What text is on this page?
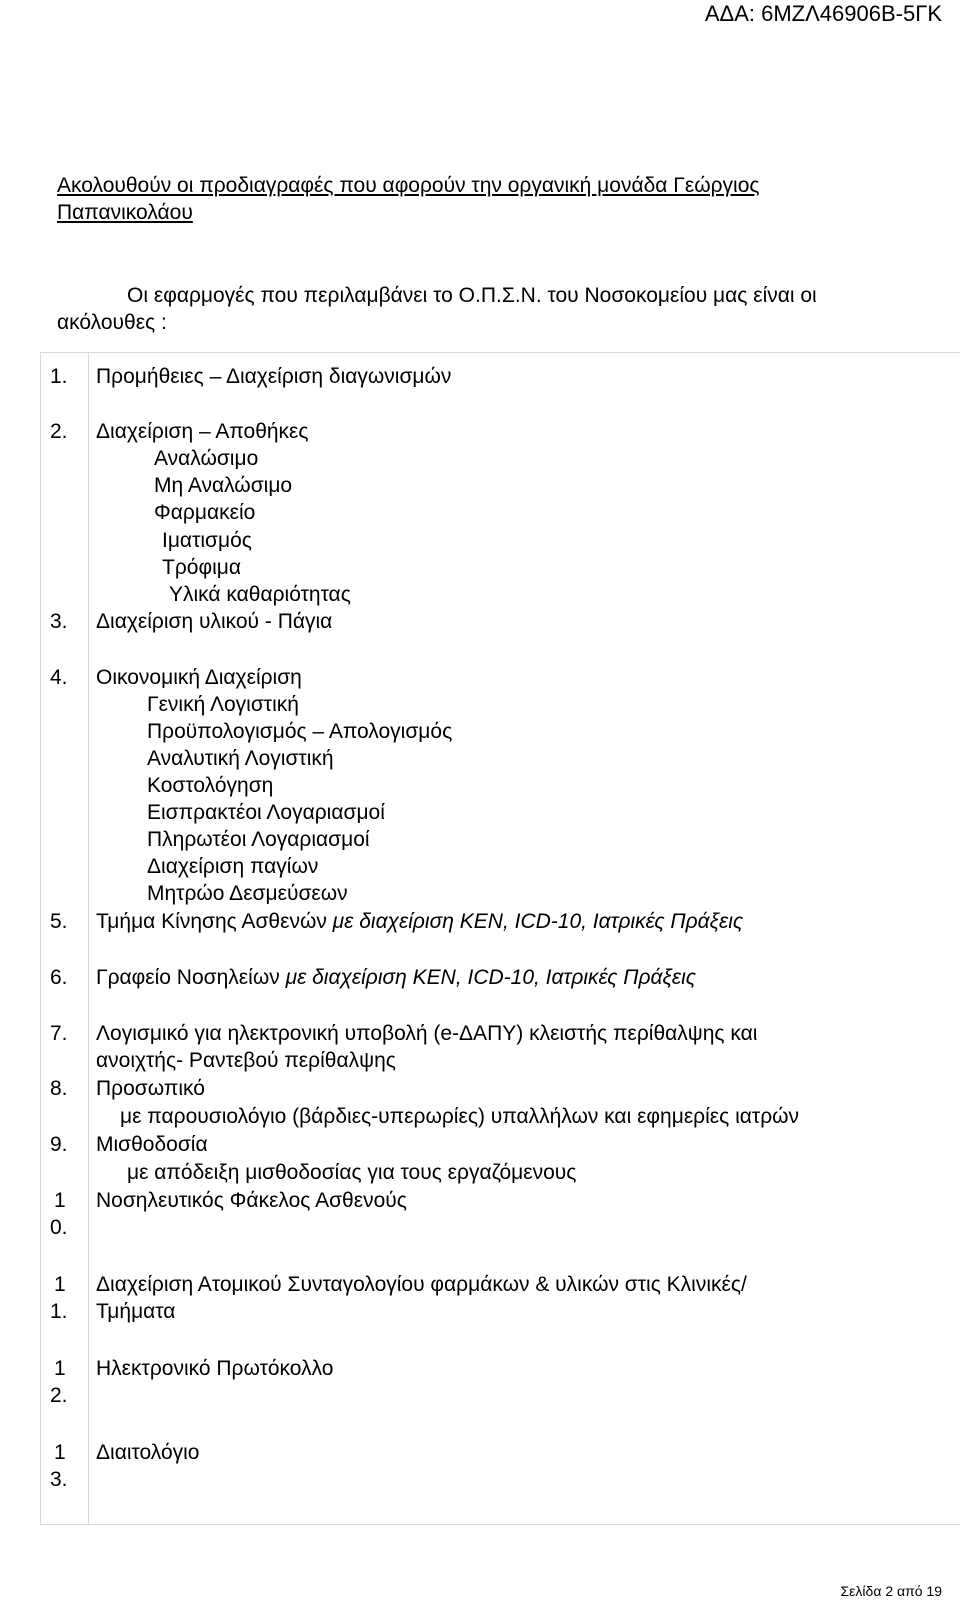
ΑΔΑ: 6ΜΖΛ46906Β-5ΓΚ
Ακολουθούν οι προδιαγραφές που αφορούν την οργανική μονάδα Γεώργιος
Παπανικολάου
Οι εφαρμογές που περιλαμβάνει το Ο.Π.Σ.Ν. του Νοσοκομείου μας είναι οι
ακόλουθες :
1. Προμήθειες – Διαχείριση διαγωνισμών
2. Διαχείριση – Αποθήκες
Αναλώσιμο
Μη Αναλώσιμο
Φαρμακείο
Ιματισμός
Τρόφιμα
Υλικά καθαριότητας
3. Διαχείριση υλικού - Πάγια
4. Οικονομική Διαχείριση
Γενική Λογιστική
Προϋπολογισμός – Απολογισμός
Αναλυτική Λογιστική
Κοστολόγηση
Εισπρακτέοι Λογαριασμοί
Πληρωτέοι Λογαριασμοί
Διαχείριση παγίων
Μητρώο Δεσμεύσεων
5. Τμήμα Κίνησης Ασθενών με διαχείριση ΚΕΝ, ICD-10, Ιατρικές Πράξεις
6. Γραφείο Νοσηλείων με διαχείριση ΚΕΝ, ICD-10, Ιατρικές Πράξεις
7. Λογισμικό για ηλεκτρονική υποβολή (e-ΔΑΠΥ) κλειστής περίθαλψης και
ανοιχτής- Ραντεβού περίθαλψης
8. Προσωπικό
με παρουσιολόγιο (βάρδιες-υπερωρίες) υπαλλήλων και εφημερίες ιατρών
9. Μισθοδοσία
με απόδειξη μισθοδοσίας για τους εργαζόμενους
1
0.
Νοσηλευτικός Φάκελος Ασθενούς
1
1.
Διαχείριση Ατομικού Συνταγολογίου φαρμάκων & υλικών στις Κλινικές/
Τμήματα
1
2.
Ηλεκτρονικό Πρωτόκολλο
1
3.
Διαιτολόγιο
Σελίδα 2 από 19
